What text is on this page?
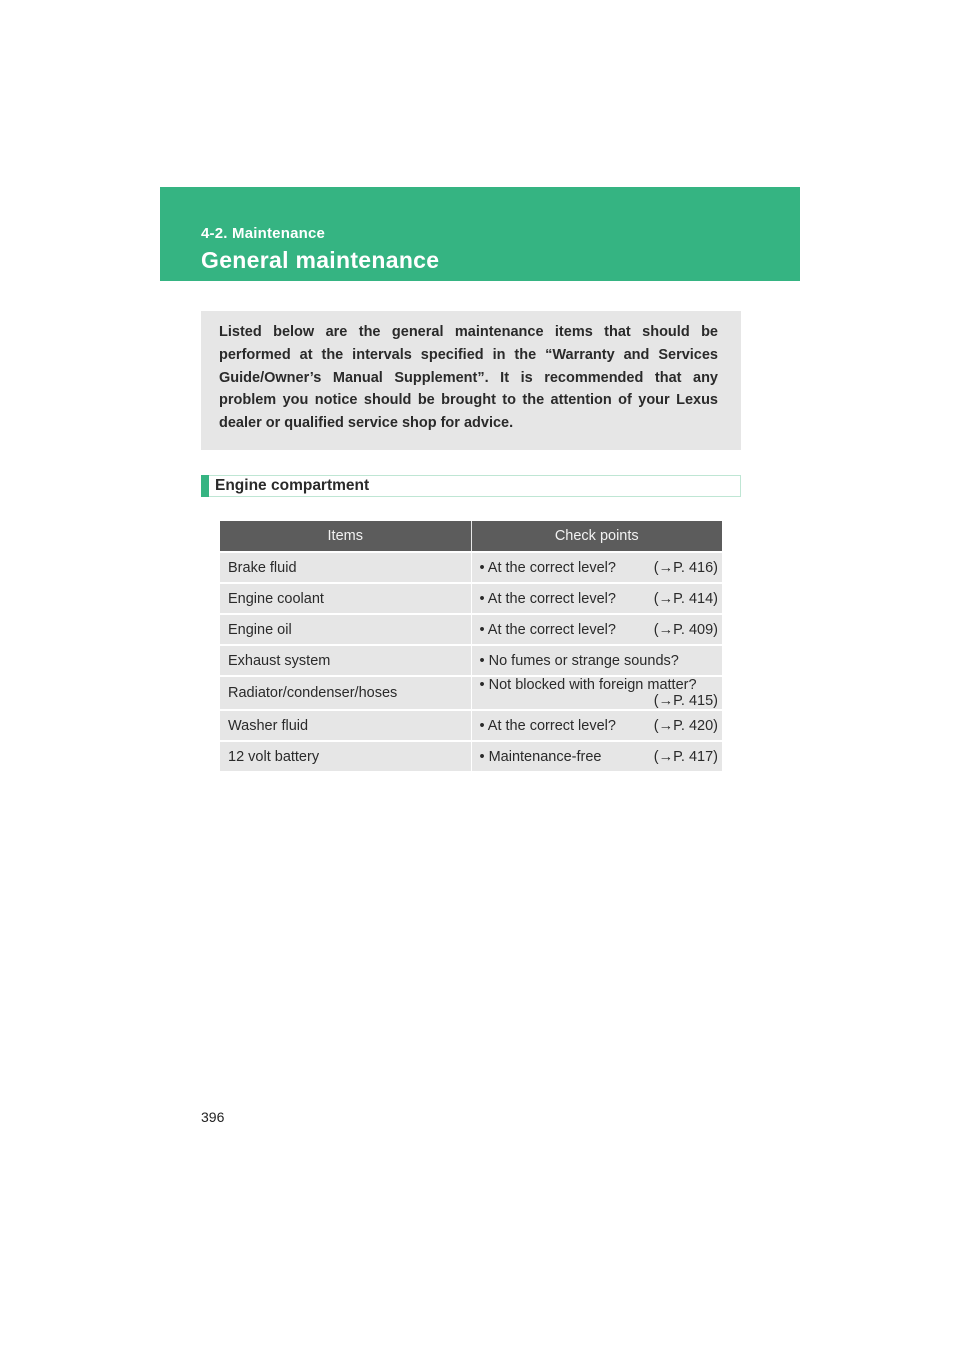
4-2. Maintenance
General maintenance

Listed below are the general maintenance items that should be performed at the intervals specified in the “Warranty and Services Guide/Owner’s Manual Supplement”. It is recommended that any problem you notice should be brought to the attention of your Lexus dealer or qualified service shop for advice.

Engine compartment
Items	Check points
Brake fluid	• At the correct level? (→P. 416)

Engine coolant	• At the correct level? (→P. 414)

Engine oil	• At the correct level? (→P. 409)

Exhaust system	• No fumes or strange sounds?

Radiator/condenser/hoses	• Not blocked with foreign matter?
(→P. 415)

Washer fluid	• At the correct level? (→P. 420)

12 volt battery	• Maintenance-free (→P. 417)
396
